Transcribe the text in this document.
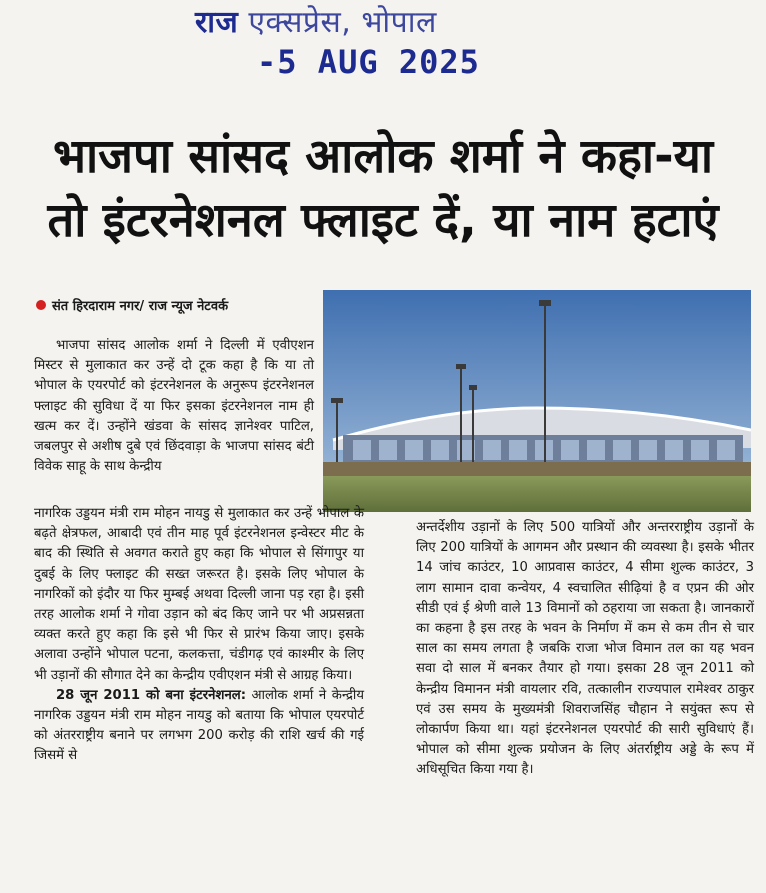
राज एक्सप्रेस, भोपाल
-5 AUG 2025
भाजपा सांसद आलोक शर्मा ने कहा-या
तो इंटरनेशनल फ्लाइट दें, या नाम हटाएं
संत हिरदाराम नगर/ राज न्यूज नेटवर्क

भाजपा सांसद आलोक शर्मा ने दिल्ली में एवीएशन मिस्टर से मुलाकात कर उन्हें दो टूक कहा है कि या तो भोपाल के एयरपोर्ट को इंटरनेशनल के अनुरूप इंटरनेशनल फ्लाइट की सुविधा दें या फिर इसका इंटरनेशनल नाम ही खत्म कर दें। उन्होंने खंडवा के सांसद ज्ञानेश्वर पाटिल, जबलपुर से अशीष दुबे एवं छिंदवाड़ा के भाजपा सांसद बंटी विवेक साहू के साथ केन्द्रीय

नागरिक उड्डयन मंत्री राम मोहन नायडु से मुलाकात कर उन्हें भोपाल के बढ़ते क्षेत्रफल, आबादी एवं तीन माह पूर्व इंटरनेशनल इन्वेस्टर मीट के बाद की स्थिति से अवगत कराते हुए कहा कि भोपाल से सिंगापुर या दुबई के लिए फ्लाइट की सख्त जरूरत है। इसके लिए भोपाल के नागरिकों को इंदौर या फिर मुम्बई अथवा दिल्ली जाना पड़ रहा है। इसी तरह आलोक शर्मा ने गोवा उड़ान को बंद किए जाने पर भी अप्रसन्नता व्यक्त करते हुए कहा कि इसे भी फिर से प्रारंभ किया जाए। इसके अलावा उन्होंने भोपाल पटना, कलकत्ता, चंडीगढ़ एवं काश्मीर के लिए भी उड़ानों की सौगात देने का केन्द्रीय एवीएशन मंत्री से आग्रह किया।

28 जून 2011 को बना इंटरनेशनल: आलोक शर्मा ने केन्द्रीय नागरिक उड्डयन मंत्री राम मोहन नायडु को बताया कि भोपाल एयरपोर्ट को अंतरराष्ट्रीय बनाने पर लगभग 200 करोड़ की राशि खर्च की गई जिसमें से

अन्तर्देशीय उड़ानों के लिए 500 यात्रियों और अन्तरराष्ट्रीय उड़ानों के लिए 200 यात्रियों के आगमन और प्रस्थान की व्यवस्था है। इसके भीतर 14 जांच काउंटर, 10 आप्रवास काउंटर, 4 सीमा शुल्क काउंटर, 3 लाग सामान दावा कन्वेयर, 4 स्वचालित सीढ़ियां है व एप्रन की ओर सीडी एवं ई श्रेणी वाले 13 विमानों को ठहराया जा सकता है। जानकारों का कहना है इस तरह के भवन के निर्माण में कम से कम तीन से चार साल का समय लगता है जबकि राजा भोज विमान तल का यह भवन सवा दो साल में बनकर तैयार हो गया। इसका 28 जून 2011 को केन्द्रीय विमानन मंत्री वायलार रवि, तत्कालीन राज्यपाल रामेश्वर ठाकुर एवं उस समय के मुख्यमंत्री शिवराजसिंह चौहान ने सयुंक्त रूप से लोकार्पण किया था। यहां इंटरनेशनल एयरपोर्ट की सारी सुविधाएं हैं। भोपाल को सीमा शुल्क प्रयोजन के लिए अंतर्राष्ट्रीय अड्डे के रूप में अधिसूचित किया गया है।
